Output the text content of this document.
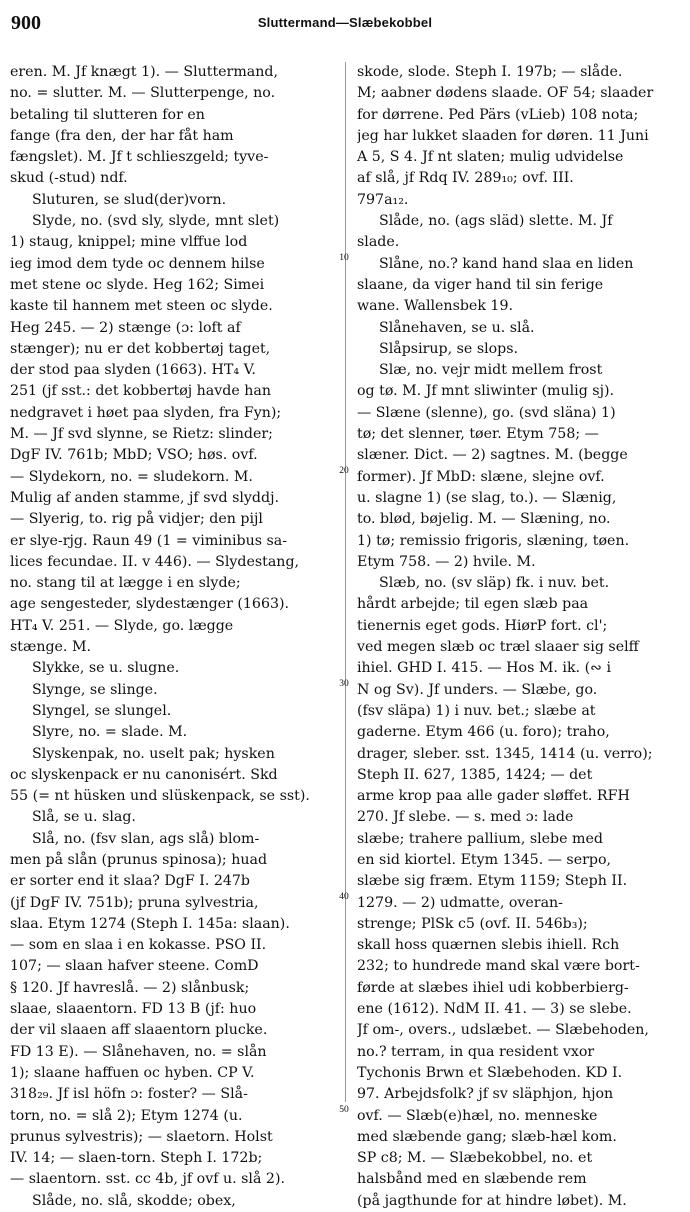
900	Sluttermand—Slæbekobbel
10
20
30
40
50
eren. M. Jf knægt 1). — Sluttermand,
no. = slutter. M. — Slutterpenge, no.
betaling til slutteren for en
fange (fra den, der har fåt ham
fængslet). M. Jf t schlieszgeld; tyve-
skud (-stud) ndf.
Sluturen, se slud(der)vorn.
Slyde, no. (svd sly, slyde, mnt slet)
1) staug, knippel; mine vlffue lod
ieg imod dem tyde oc dennem hilse
met stene oc slyde. Heg 162; Simei
kaste til hannem met steen oc slyde.
Heg 245. — 2) stænge (ɔ: loft af
stænger); nu er det kobbertøj taget,
der stod paa slyden (1663). HT₄ V.
251 (jf sst.: det kobbertøj havde han
nedgravet i høet paa slyden, fra Fyn);
M. — Jf svd slynne, se Rietz: slinder;
DgF IV. 761b; MbD; VSO; høs. ovf.
— Slydekorn, no. = sludekorn. M.
Mulig af anden stamme, jf svd slyddj.
— Slyerig, to. rig på vidjer; den pijl
er slye-rjg. Raun 49 (1 = viminibus sa-
lices fecundae. II. v 446). — Slydestang,
no. stang til at lægge i en slyde;
age sengesteder, slydestænger (1663).
HT₄ V. 251. — Slyde, go. lægge
stænge. M.
Slykke, se u. slugne.
Slynge, se slinge.
Slyngel, se slungel.
Slyre, no. = slade. M.
Slyskenpak, no. uselt pak; hysken
oc slyskenpack er nu canonisért. Skd
55 (= nt hüsken und slüskenpack, se sst).
Slå, se u. slag.
Slå, no. (fsv slan, ags slå) blom-
men på slån (prunus spinosa); huad
er sorter end it slaa? DgF I. 247b
(jf DgF IV. 751b); pruna sylvestria,
slaa. Etym 1274 (Steph I. 145a: slaan).
— som en slaa i en kokasse. PSO II.
107; — slaan hafver steene. ComD
§ 120. Jf havreslå. — 2) slånbusk;
slaae, slaaentorn. FD 13 B (jf: huo
der vil slaaen aff slaaentorn plucke.
FD 13 E). — Slånehaven, no. = slån
1); slaane haffuen oc hyben. CP V.
318₂₉. Jf isl höfn ɔ: foster? — Slå-
torn, no. = slå 2); Etym 1274 (u.
prunus sylvestris); — slaetorn. Holst
IV. 14; — slaen-torn. Steph I. 172b;
— slaentorn. sst. cc 4b, jf ovf u. slå 2).
Slåde, no. slå, skodde; obex,
skode, slode. Steph I. 197b; — slåde.
M; aabner dødens slaade. OF 54; slaader
for dørrene. Ped Pärs (vLieb) 108 nota;
jeg har lukket slaaden for døren. 11 Juni
A 5, S 4. Jf nt slaten; mulig udvidelse
af slå, jf Rdq IV. 289₁₀; ovf. III.
797a₁₂.
Slåde, no. (ags släd) slette. M. Jf
slade.
Slåne, no.? kand hand slaa en liden
slaane, da viger hand til sin ferige
wane. Wallensbek 19.
Slånehaven, se u. slå.
Slåpsirup, se slops.
Slæ, no. vejr midt mellem frost
og tø. M. Jf mnt sliwinter (mulig sj).
— Slæne (slenne), go. (svd släna) 1)
tø; det slenner, tøer. Etym 758; —
slæner. Dict. — 2) sagtnes. M. (begge
former). Jf MbD: slæne, slejne ovf.
u. slagne 1) (se slag, to.). — Slænig,
to. blød, bøjelig. M. — Slæning, no.
1) tø; remissio frigoris, slæning, tøen.
Etym 758. — 2) hvile. M.
Slæb, no. (sv släp) fk. i nuv. bet.
hårdt arbejde; til egen slæb paa
tienernis eget gods. HiørP fort. cl';
ved megen slæb oc træl slaaer sig selff
ihiel. GHD I. 415. — Hos M. ik. (∾ i
N og Sv). Jf unders. — Slæbe, go.
(fsv släpa) 1) i nuv. bet.; slæbe at
gaderne. Etym 466 (u. foro); traho,
drager, sleber. sst. 1345, 1414 (u. verro);
Steph II. 627, 1385, 1424; — det
arme krop paa alle gader sløffet. RFH
270. Jf slebe. — s. med ɔ: lade
slæbe; trahere pallium, slebe med
en sid kiortel. Etym 1345. — serpo,
slæbe sig fræm. Etym 1159; Steph II.
1279. — 2) udmatte, overan-
strenge; PlSk c5 (ovf. II. 546b₃);
skall hoss quærnen slebis ihiell. Rch
232; to hundrede mand skal være bort-
førde at slæbes ihiel udi kobberbierg-
ene (1612). NdM II. 41. — 3) se slebe.
Jf om-, overs., udslæbet. — Slæbehoden,
no.? terram, in qua resident vxor
Tychonis Brwn et Slæbehoden. KD I.
97. Arbejdsfolk? jf sv släphjon, hjon
ovf. — Slæb(e)hæl, no. menneske
med slæbende gang; slæb-hæl kom.
SP c8; M. — Slæbekobbel, no. et
halsbånd med en slæbende rem
(på jagthunde for at hindre løbet). M.
